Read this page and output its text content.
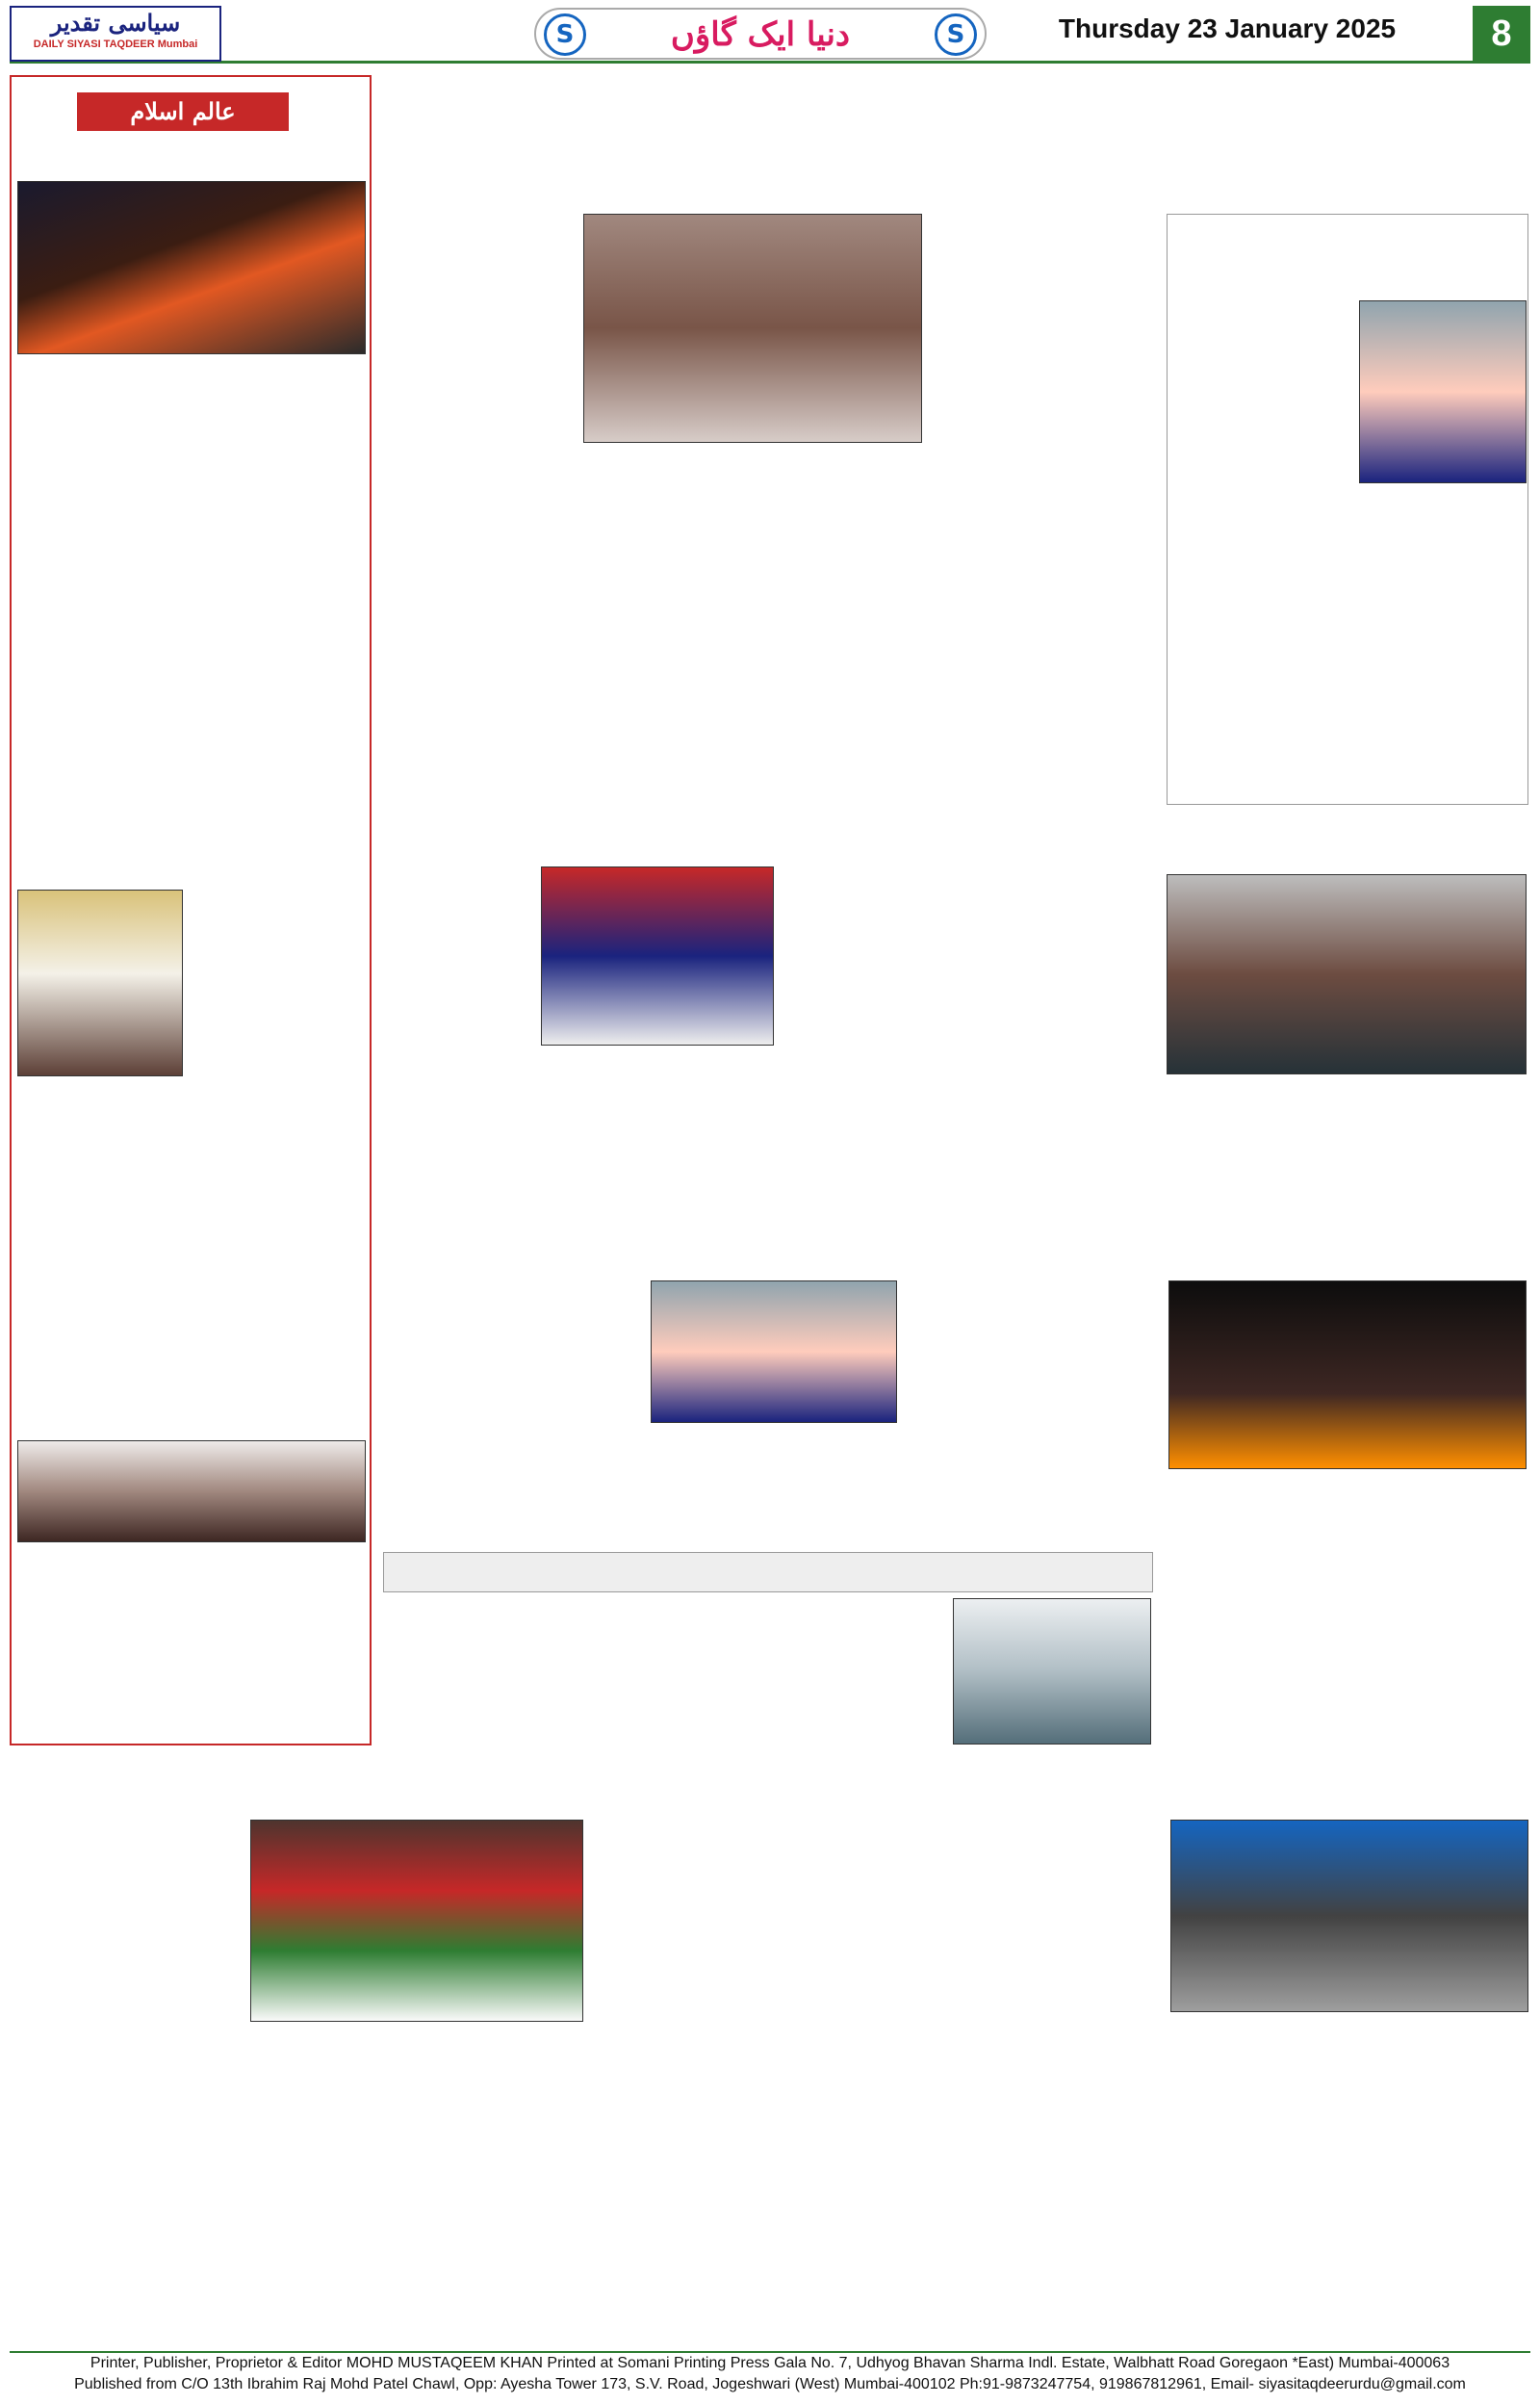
سیاسی تقدیر
DAILY SIYASI TAQDEER Mumbai	S	دنیا ایک گاؤں	S	Thursday 23 January 2025	8
عالم اسلام

Printer, Publisher, Proprietor & Editor MOHD MUSTAQEEM KHAN Printed at Somani Printing Press Gala No. 7, Udhyog Bhavan Sharma Indl. Estate, Walbhatt Road Goregaon *East) Mumbai-400063
Published from C/O 13th Ibrahim Raj Mohd Patel Chawl, Opp: Ayesha Tower 173, S.V. Road, Jogeshwari (West) Mumbai-400102 Ph:91-9873247754, 919867812961, Email- siyasitaqdeerurdu@gmail.com
